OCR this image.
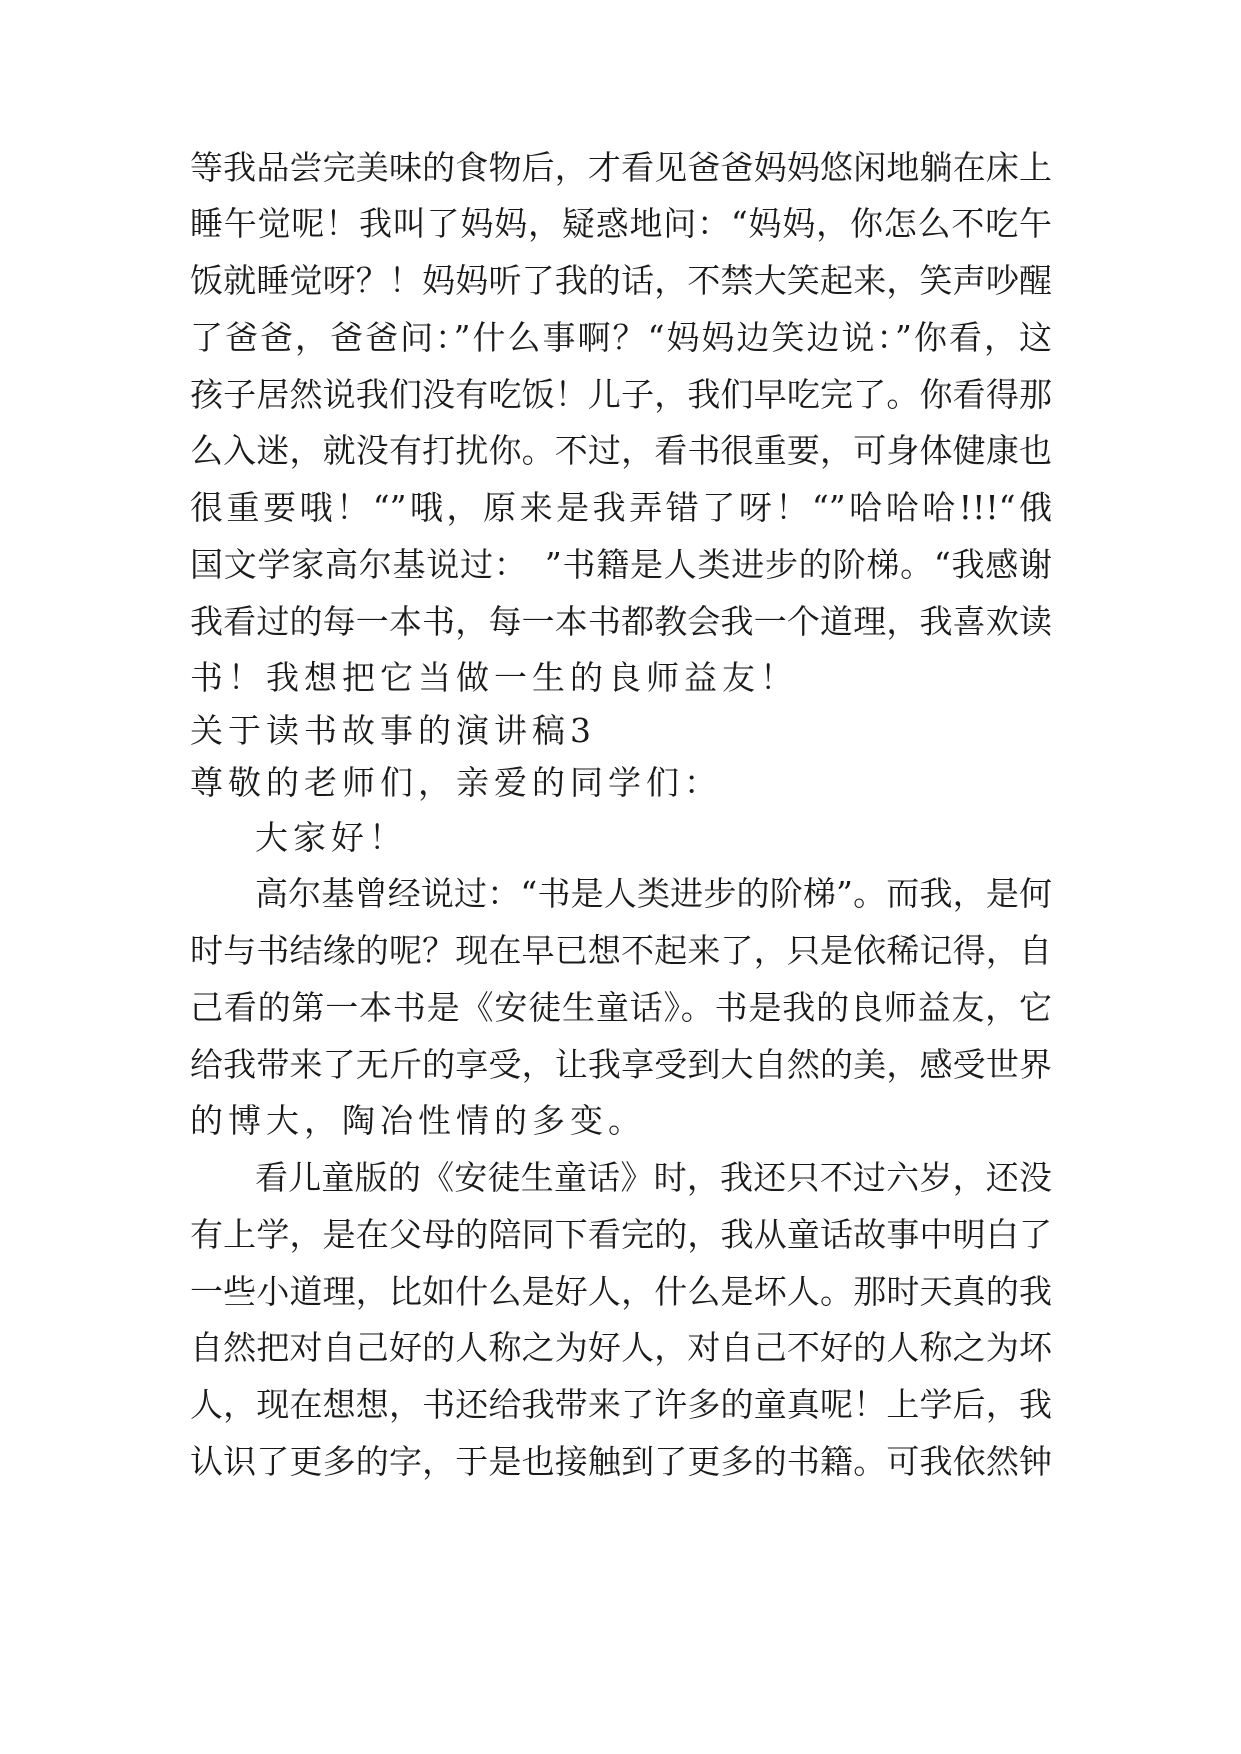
等我品尝完美味的食物后，才看见爸爸妈妈悠闲地躺在床上
睡午觉呢！我叫了妈妈，疑惑地问：“妈妈，你怎么不吃午
饭就睡觉呀？！妈妈听了我的话，不禁大笑起来，笑声吵醒
了爸爸，爸爸问：”什么事啊？“妈妈边笑边说：”你看，这
孩子居然说我们没有吃饭！儿子，我们早吃完了。你看得那
么入迷，就没有打扰你。不过，看书很重要，可身体健康也
很重要哦！“”哦，原来是我弄错了呀！“”哈哈哈!!!“俄
国文学家高尔基说过：　”书籍是人类进步的阶梯。“我感谢
我看过的每一本书，每一本书都教会我一个道理，我喜欢读
书！我想把它当做一生的良师益友！
关于读书故事的演讲稿3
尊敬的老师们，亲爱的同学们：
大家好！
高尔基曾经说过：“书是人类进步的阶梯”。而我，是何
时与书结缘的呢？现在早已想不起来了，只是依稀记得，自
己看的第一本书是《安徒生童话》。书是我的良师益友，它
给我带来了无斤的享受，让我享受到大自然的美，感受世界
的博大，陶冶性情的多变。
看儿童版的《安徒生童话》时，我还只不过六岁，还没
有上学，是在父母的陪同下看完的，我从童话故事中明白了
一些小道理，比如什么是好人，什么是坏人。那时天真的我
自然把对自己好的人称之为好人，对自己不好的人称之为坏
人，现在想想，书还给我带来了许多的童真呢！上学后，我
认识了更多的字，于是也接触到了更多的书籍。可我依然钟
